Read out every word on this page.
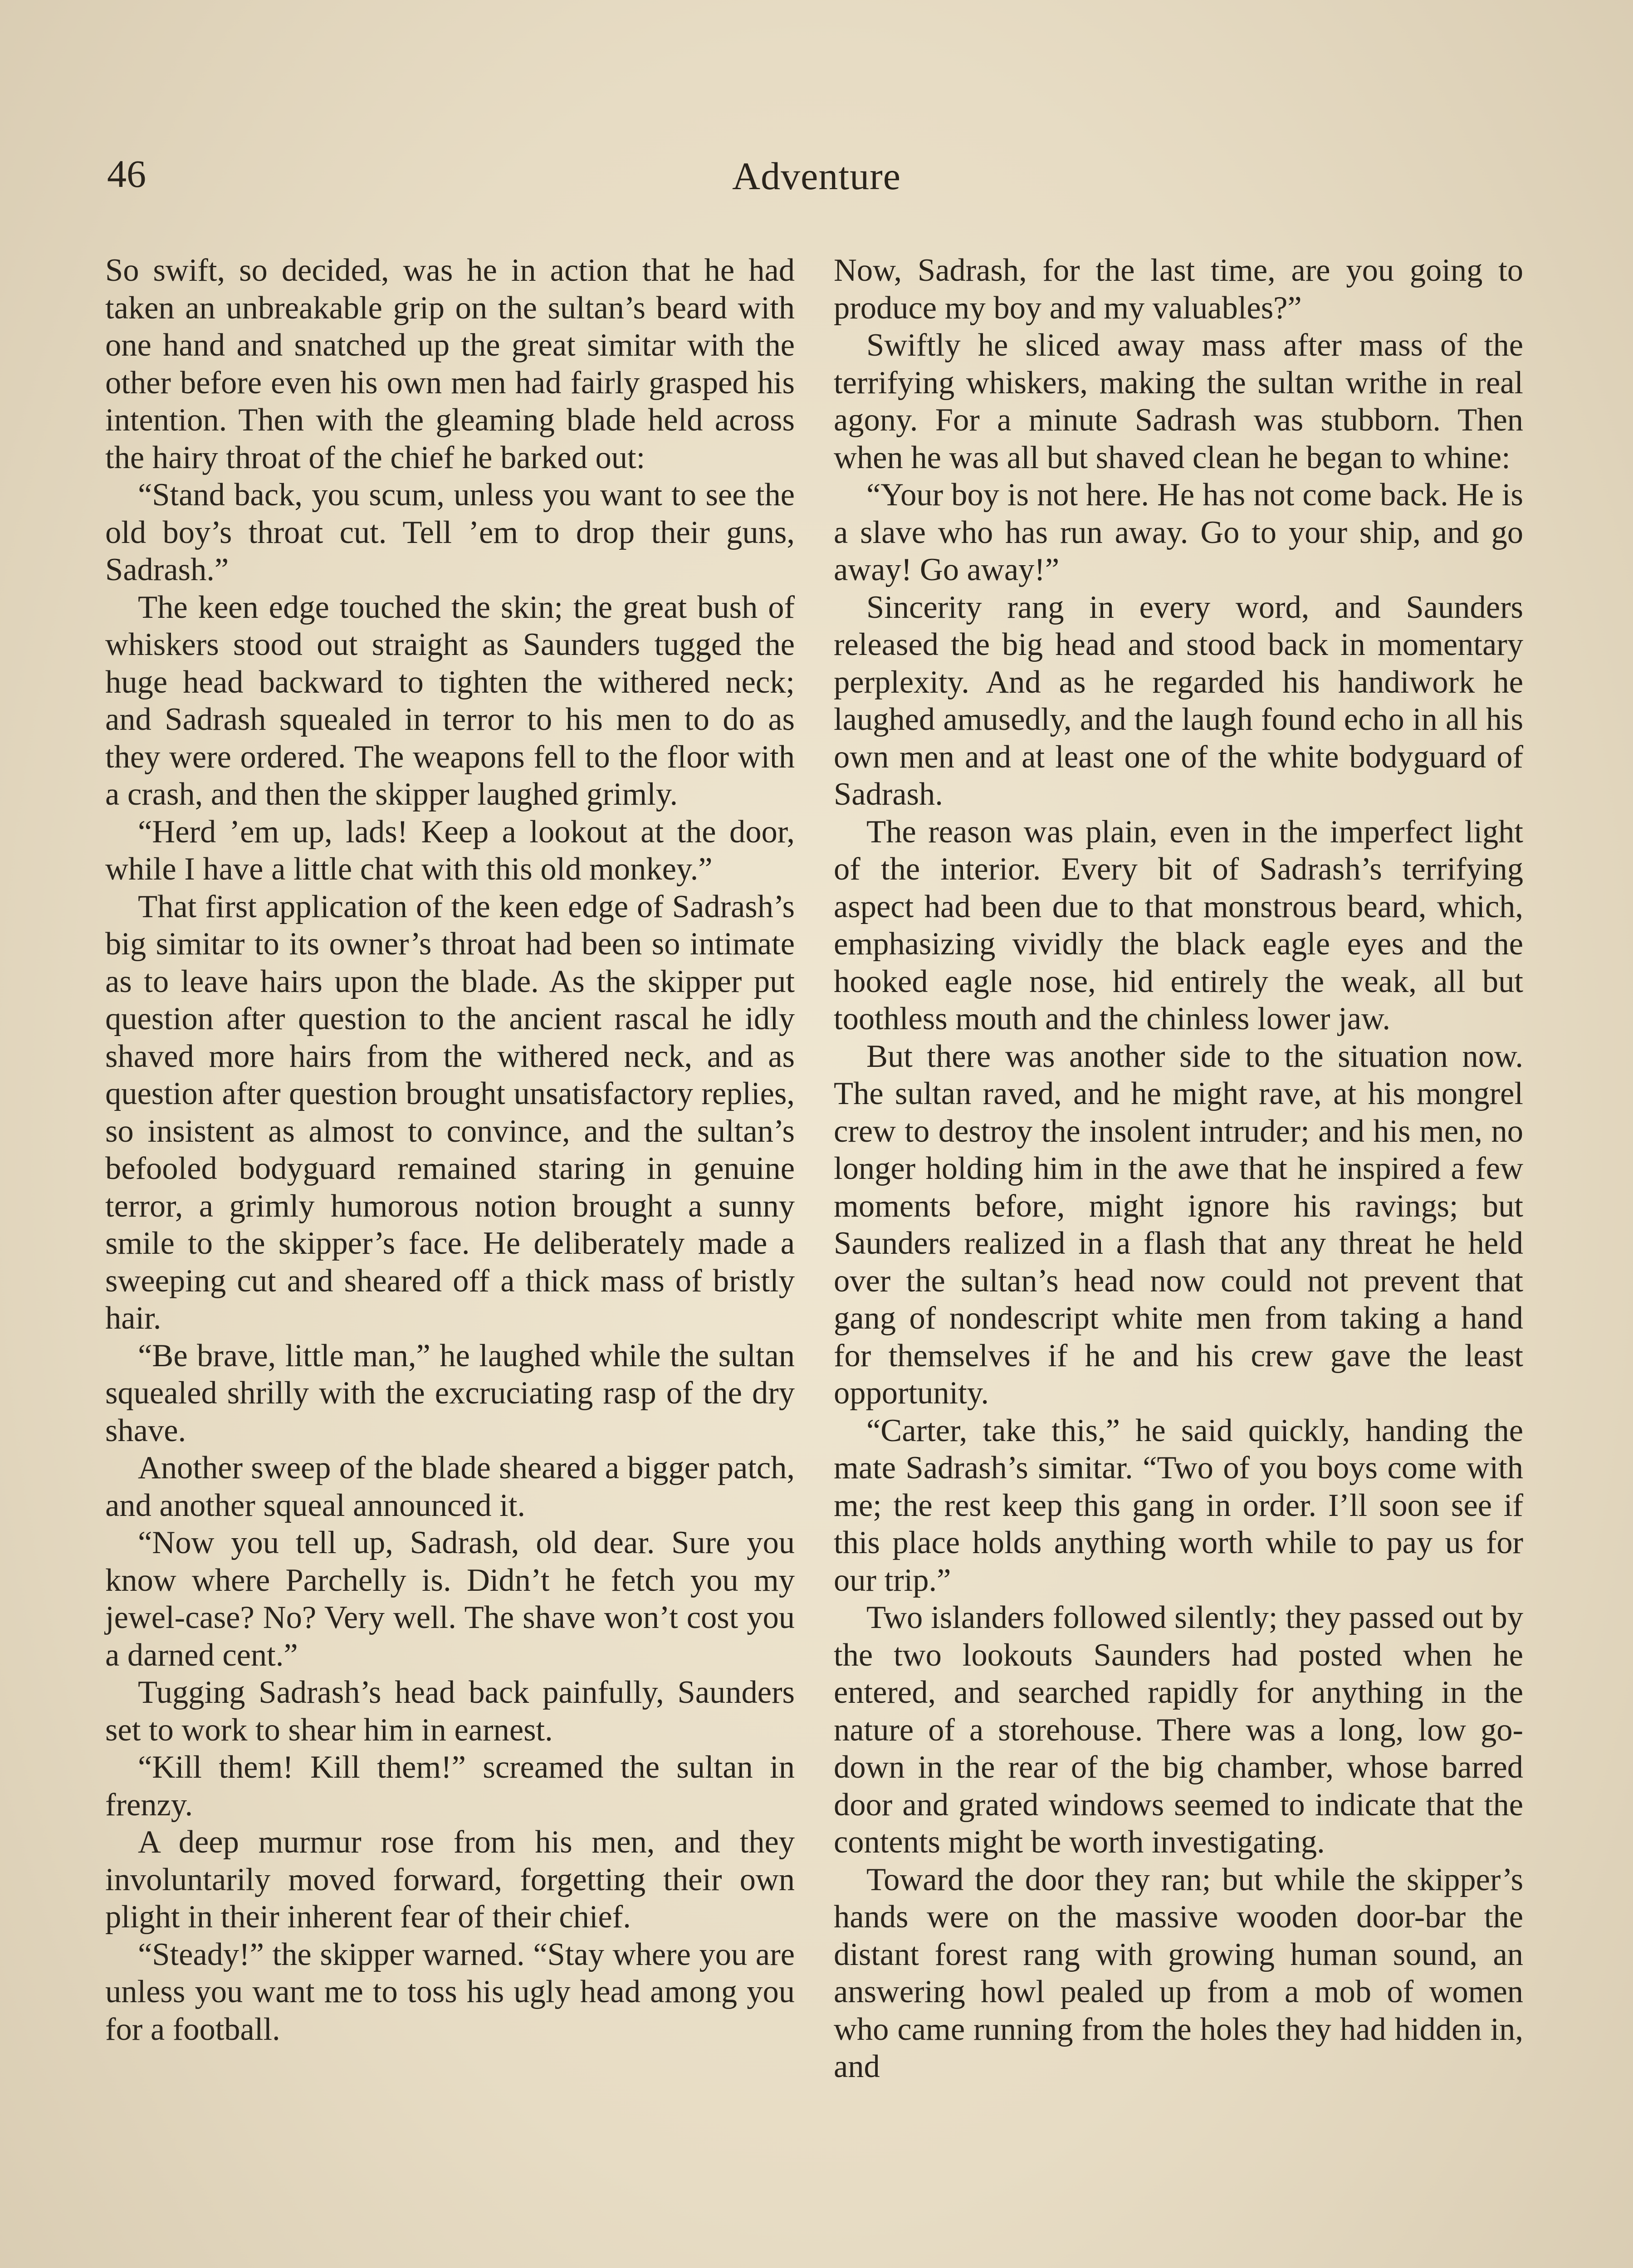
46	Adventure

So swift, so decided, was he in action that he had taken an unbreakable grip on the sultan’s beard with one hand and snatched up the great simitar with the other before even his own men had fairly grasped his intention. Then with the gleaming blade held across the hairy throat of the chief he barked out:

“Stand back, you scum, unless you want to see the old boy’s throat cut. Tell ’em to drop their guns, Sadrash.”

The keen edge touched the skin; the great bush of whiskers stood out straight as Saunders tugged the huge head backward to tighten the withered neck; and Sadrash squealed in terror to his men to do as they were ordered. The weapons fell to the floor with a crash, and then the skipper laughed grimly.

“Herd ’em up, lads! Keep a lookout at the door, while I have a little chat with this old monkey.”

That first application of the keen edge of Sadrash’s big simitar to its owner’s throat had been so intimate as to leave hairs upon the blade. As the skipper put question after question to the ancient rascal he idly shaved more hairs from the withered neck, and as question after question brought unsatisfactory replies, so insistent as almost to convince, and the sultan’s befooled bodyguard remained staring in genuine terror, a grimly humorous notion brought a sunny smile to the skipper’s face. He deliberately made a sweeping cut and sheared off a thick mass of bristly hair.

“Be brave, little man,” he laughed while the sultan squealed shrilly with the excruciating rasp of the dry shave.

Another sweep of the blade sheared a bigger patch, and another squeal announced it.

“Now you tell up, Sadrash, old dear. Sure you know where Parchelly is. Didn’t he fetch you my jewel-case? No? Very well. The shave won’t cost you a darned cent.”

Tugging Sadrash’s head back painfully, Saunders set to work to shear him in earnest.

“Kill them! Kill them!” screamed the sultan in frenzy.

A deep murmur rose from his men, and they involuntarily moved forward, forgetting their own plight in their inherent fear of their chief.

“Steady!” the skipper warned. “Stay where you are unless you want me to toss his ugly head among you for a football.

Now, Sadrash, for the last time, are you going to produce my boy and my valuables?”

Swiftly he sliced away mass after mass of the terrifying whiskers, making the sultan writhe in real agony. For a minute Sadrash was stubborn. Then when he was all but shaved clean he began to whine:

“Your boy is not here. He has not come back. He is a slave who has run away. Go to your ship, and go away! Go away!”

Sincerity rang in every word, and Saunders released the big head and stood back in momentary perplexity. And as he regarded his handiwork he laughed amusedly, and the laugh found echo in all his own men and at least one of the white bodyguard of Sadrash.

The reason was plain, even in the imperfect light of the interior. Every bit of Sadrash’s terrifying aspect had been due to that monstrous beard, which, emphasizing vividly the black eagle eyes and the hooked eagle nose, hid entirely the weak, all but toothless mouth and the chinless lower jaw.

But there was another side to the situation now. The sultan raved, and he might rave, at his mongrel crew to destroy the insolent intruder; and his men, no longer holding him in the awe that he inspired a few moments before, might ignore his ravings; but Saunders realized in a flash that any threat he held over the sultan’s head now could not prevent that gang of nondescript white men from taking a hand for themselves if he and his crew gave the least opportunity.

“Carter, take this,” he said quickly, handing the mate Sadrash’s simitar. “Two of you boys come with me; the rest keep this gang in order. I’ll soon see if this place holds anything worth while to pay us for our trip.”

Two islanders followed silently; they passed out by the two lookouts Saunders had posted when he entered, and searched rapidly for anything in the nature of a storehouse. There was a long, low godown in the rear of the big chamber, whose barred door and grated windows seemed to indicate that the contents might be worth investigating.

Toward the door they ran; but while the skipper’s hands were on the massive wooden door-bar the distant forest rang with growing human sound, an answering howl pealed up from a mob of women who came running from the holes they had hidden in, and
